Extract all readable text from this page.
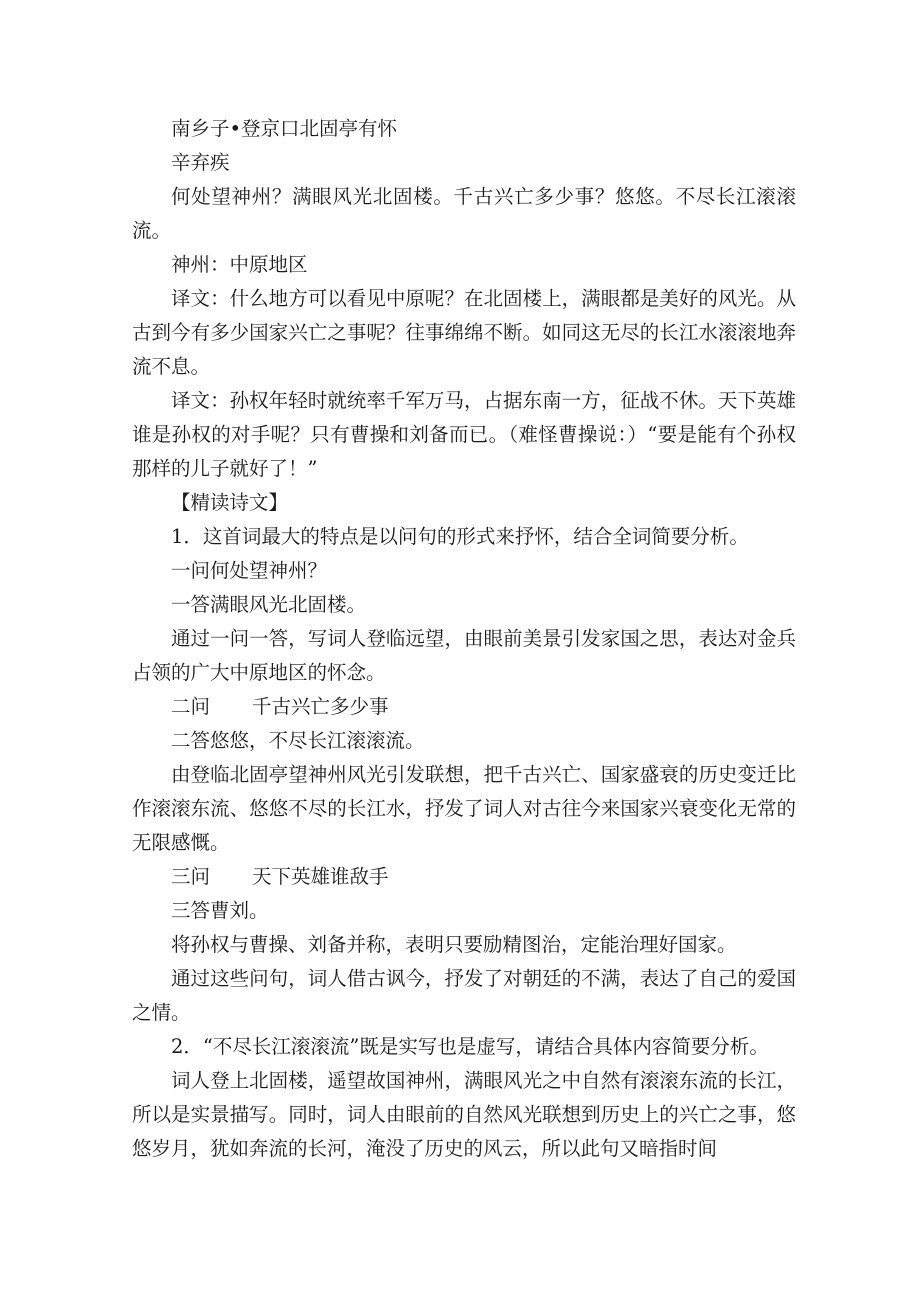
南乡子•登京口北固亭有怀

辛弃疾

何处望神州？满眼风光北固楼。千古兴亡多少事？悠悠。不尽长江滚滚流。

神州：中原地区

译文：什么地方可以看见中原呢？在北固楼上，满眼都是美好的风光。从古到今有多少国家兴亡之事呢？往事绵绵不断。如同这无尽的长江水滚滚地奔流不息。

译文：孙权年轻时就统率千军万马，占据东南一方，征战不休。天下英雄谁是孙权的对手呢？只有曹操和刘备而已。（难怪曹操说：）“要是能有个孙权那样的儿子就好了！”

【精读诗文】

1．这首词最大的特点是以问句的形式来抒怀，结合全词简要分析。

一问何处望神州？

一答满眼风光北固楼。

通过一问一答，写词人登临远望，由眼前美景引发家国之思，表达对金兵占领的广大中原地区的怀念。

二问 千古兴亡多少事

二答悠悠，不尽长江滚滚流。

由登临北固亭望神州风光引发联想，把千古兴亡、国家盛衰的历史变迁比作滚滚东流、悠悠不尽的长江水，抒发了词人对古往今来国家兴衰变化无常的无限感慨。

三问 天下英雄谁敌手

三答曹刘。

将孙权与曹操、刘备并称，表明只要励精图治，定能治理好国家。

通过这些问句，词人借古讽今，抒发了对朝廷的不满，表达了自己的爱国之情。

2．“不尽长江滚滚流”既是实写也是虚写，请结合具体内容简要分析。

词人登上北固楼，遥望故国神州，满眼风光之中自然有滚滚东流的长江，所以是实景描写。同时，词人由眼前的自然风光联想到历史上的兴亡之事，悠悠岁月，犹如奔流的长河，淹没了历史的风云，所以此句又暗指时间
